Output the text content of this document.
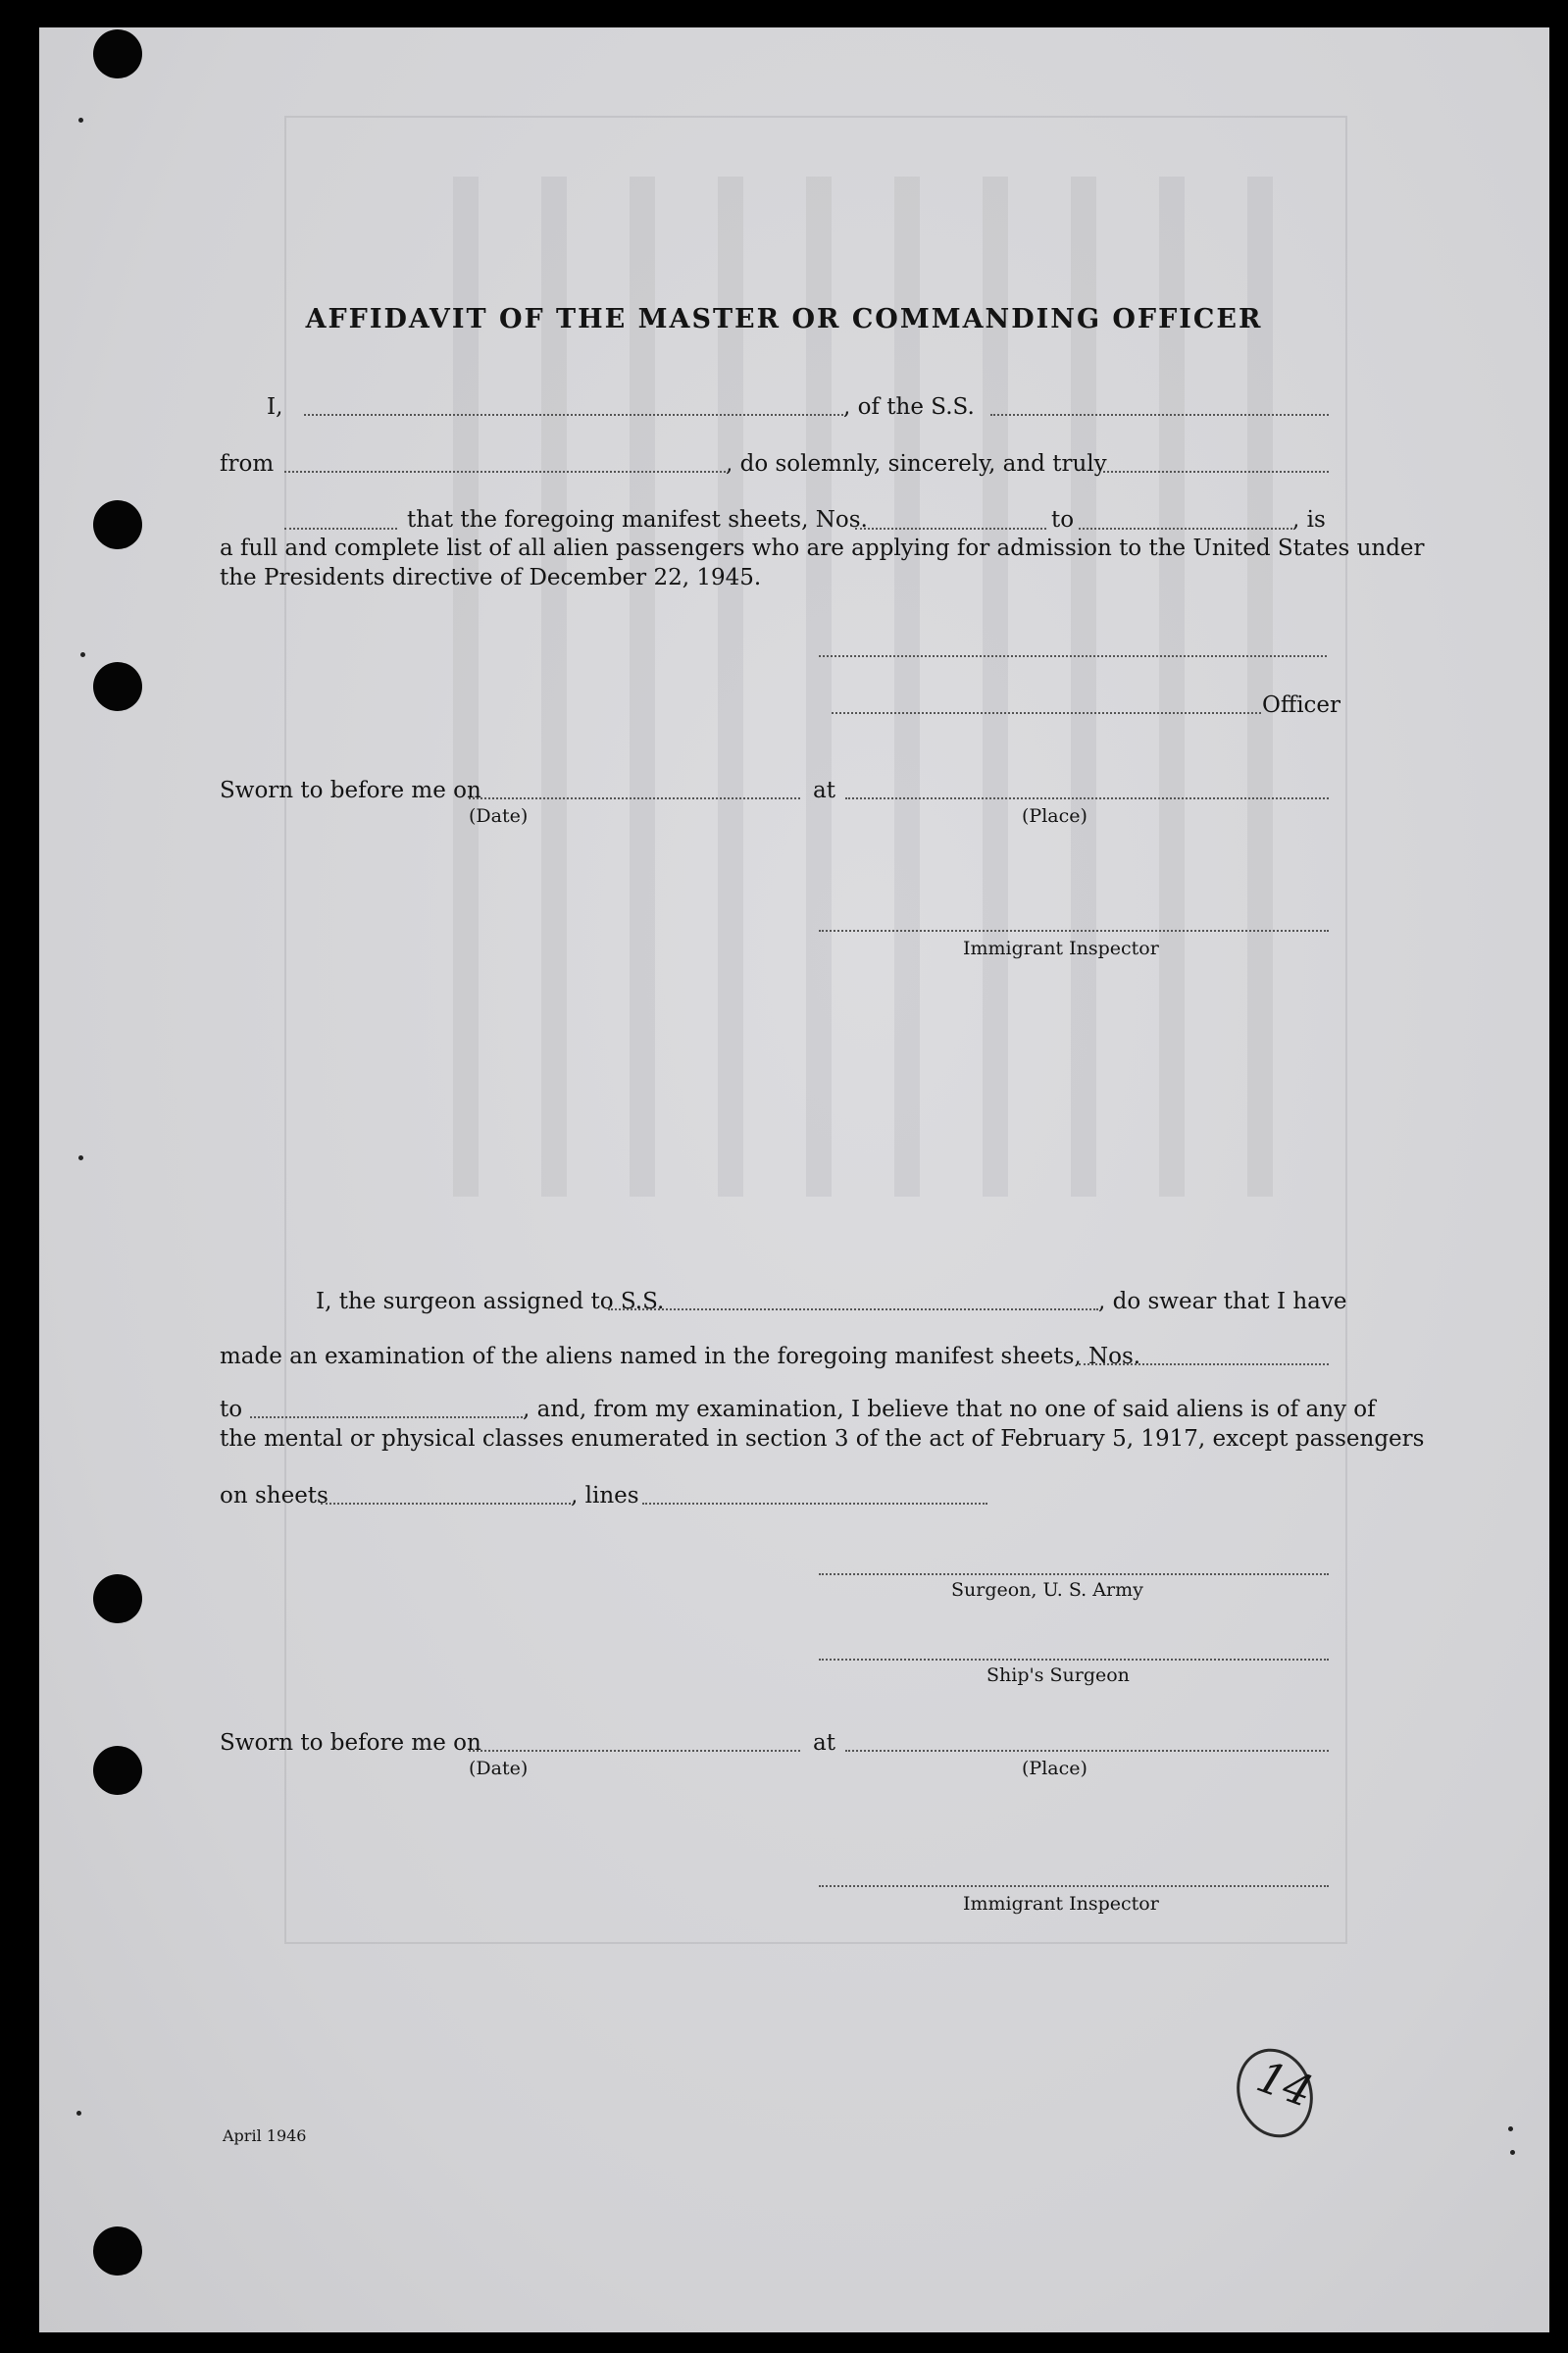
AFFIDAVIT OF THE MASTER OR COMMANDING OFFICER
I,	, of the S.S.
from	, do solemnly, sincerely, and truly
that the foregoing manifest sheets, Nos.	to	, is
a full and complete list of all alien passengers who are applying for admission to the United States under
the Presidents directive of December 22, 1945.
Officer
Sworn to before me on	at
(Date)	(Place)
Immigrant Inspector
I, the surgeon assigned to S.S.	, do swear that I have
made an examination of the aliens named in the foregoing manifest sheets, Nos.
to	, and, from my examination, I believe that no one of said aliens is of any of
the mental or physical classes enumerated in section 3 of the act of February 5, 1917, except passengers
on sheets	, lines
Surgeon, U. S. Army
Ship's Surgeon
Sworn to before me on	at
(Date)	(Place)
Immigrant Inspector
April 1946
14
